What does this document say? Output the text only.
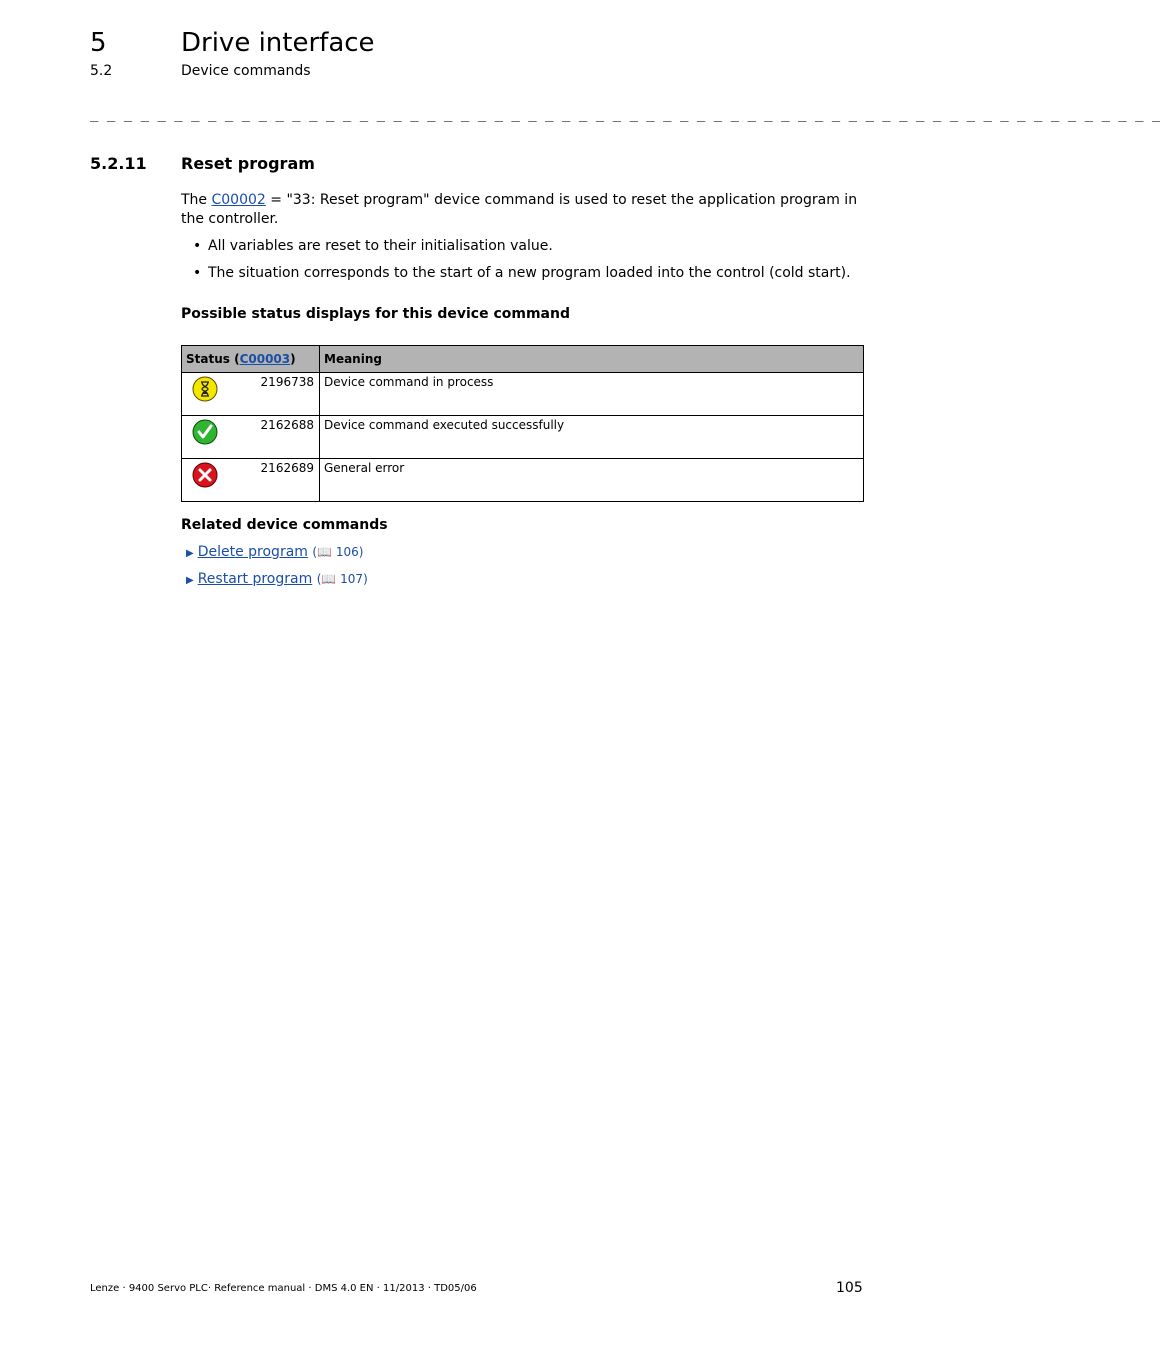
5	Drive interface
5.2	Device commands
_ _ _ _ _ _ _ _ _ _ _ _ _ _ _ _ _ _ _ _ _ _ _ _ _ _ _ _ _ _ _ _ _ _ _ _ _ _ _ _ _ _ _ _ _ _ _ _ _ _ _ _ _ _ _ _ _ _ _ _ _ _ _ _
5.2.11 Reset program
The C00002 = "33: Reset program" device command is used to reset the application program in the controller.
• All variables are reset to their initialisation value.
• The situation corresponds to the start of a new program loaded into the control (cold start).
Possible status displays for this device command
Status (C00003)		Meaning
	2196738	Device command in process
	2162688	Device command executed successfully
	2162689	General error
Related device commands
▶ Delete program (📖 106)
▶ Restart program (📖 107)
Lenze · 9400 Servo PLC· Reference manual · DMS 4.0 EN · 11/2013 · TD05/06	105
